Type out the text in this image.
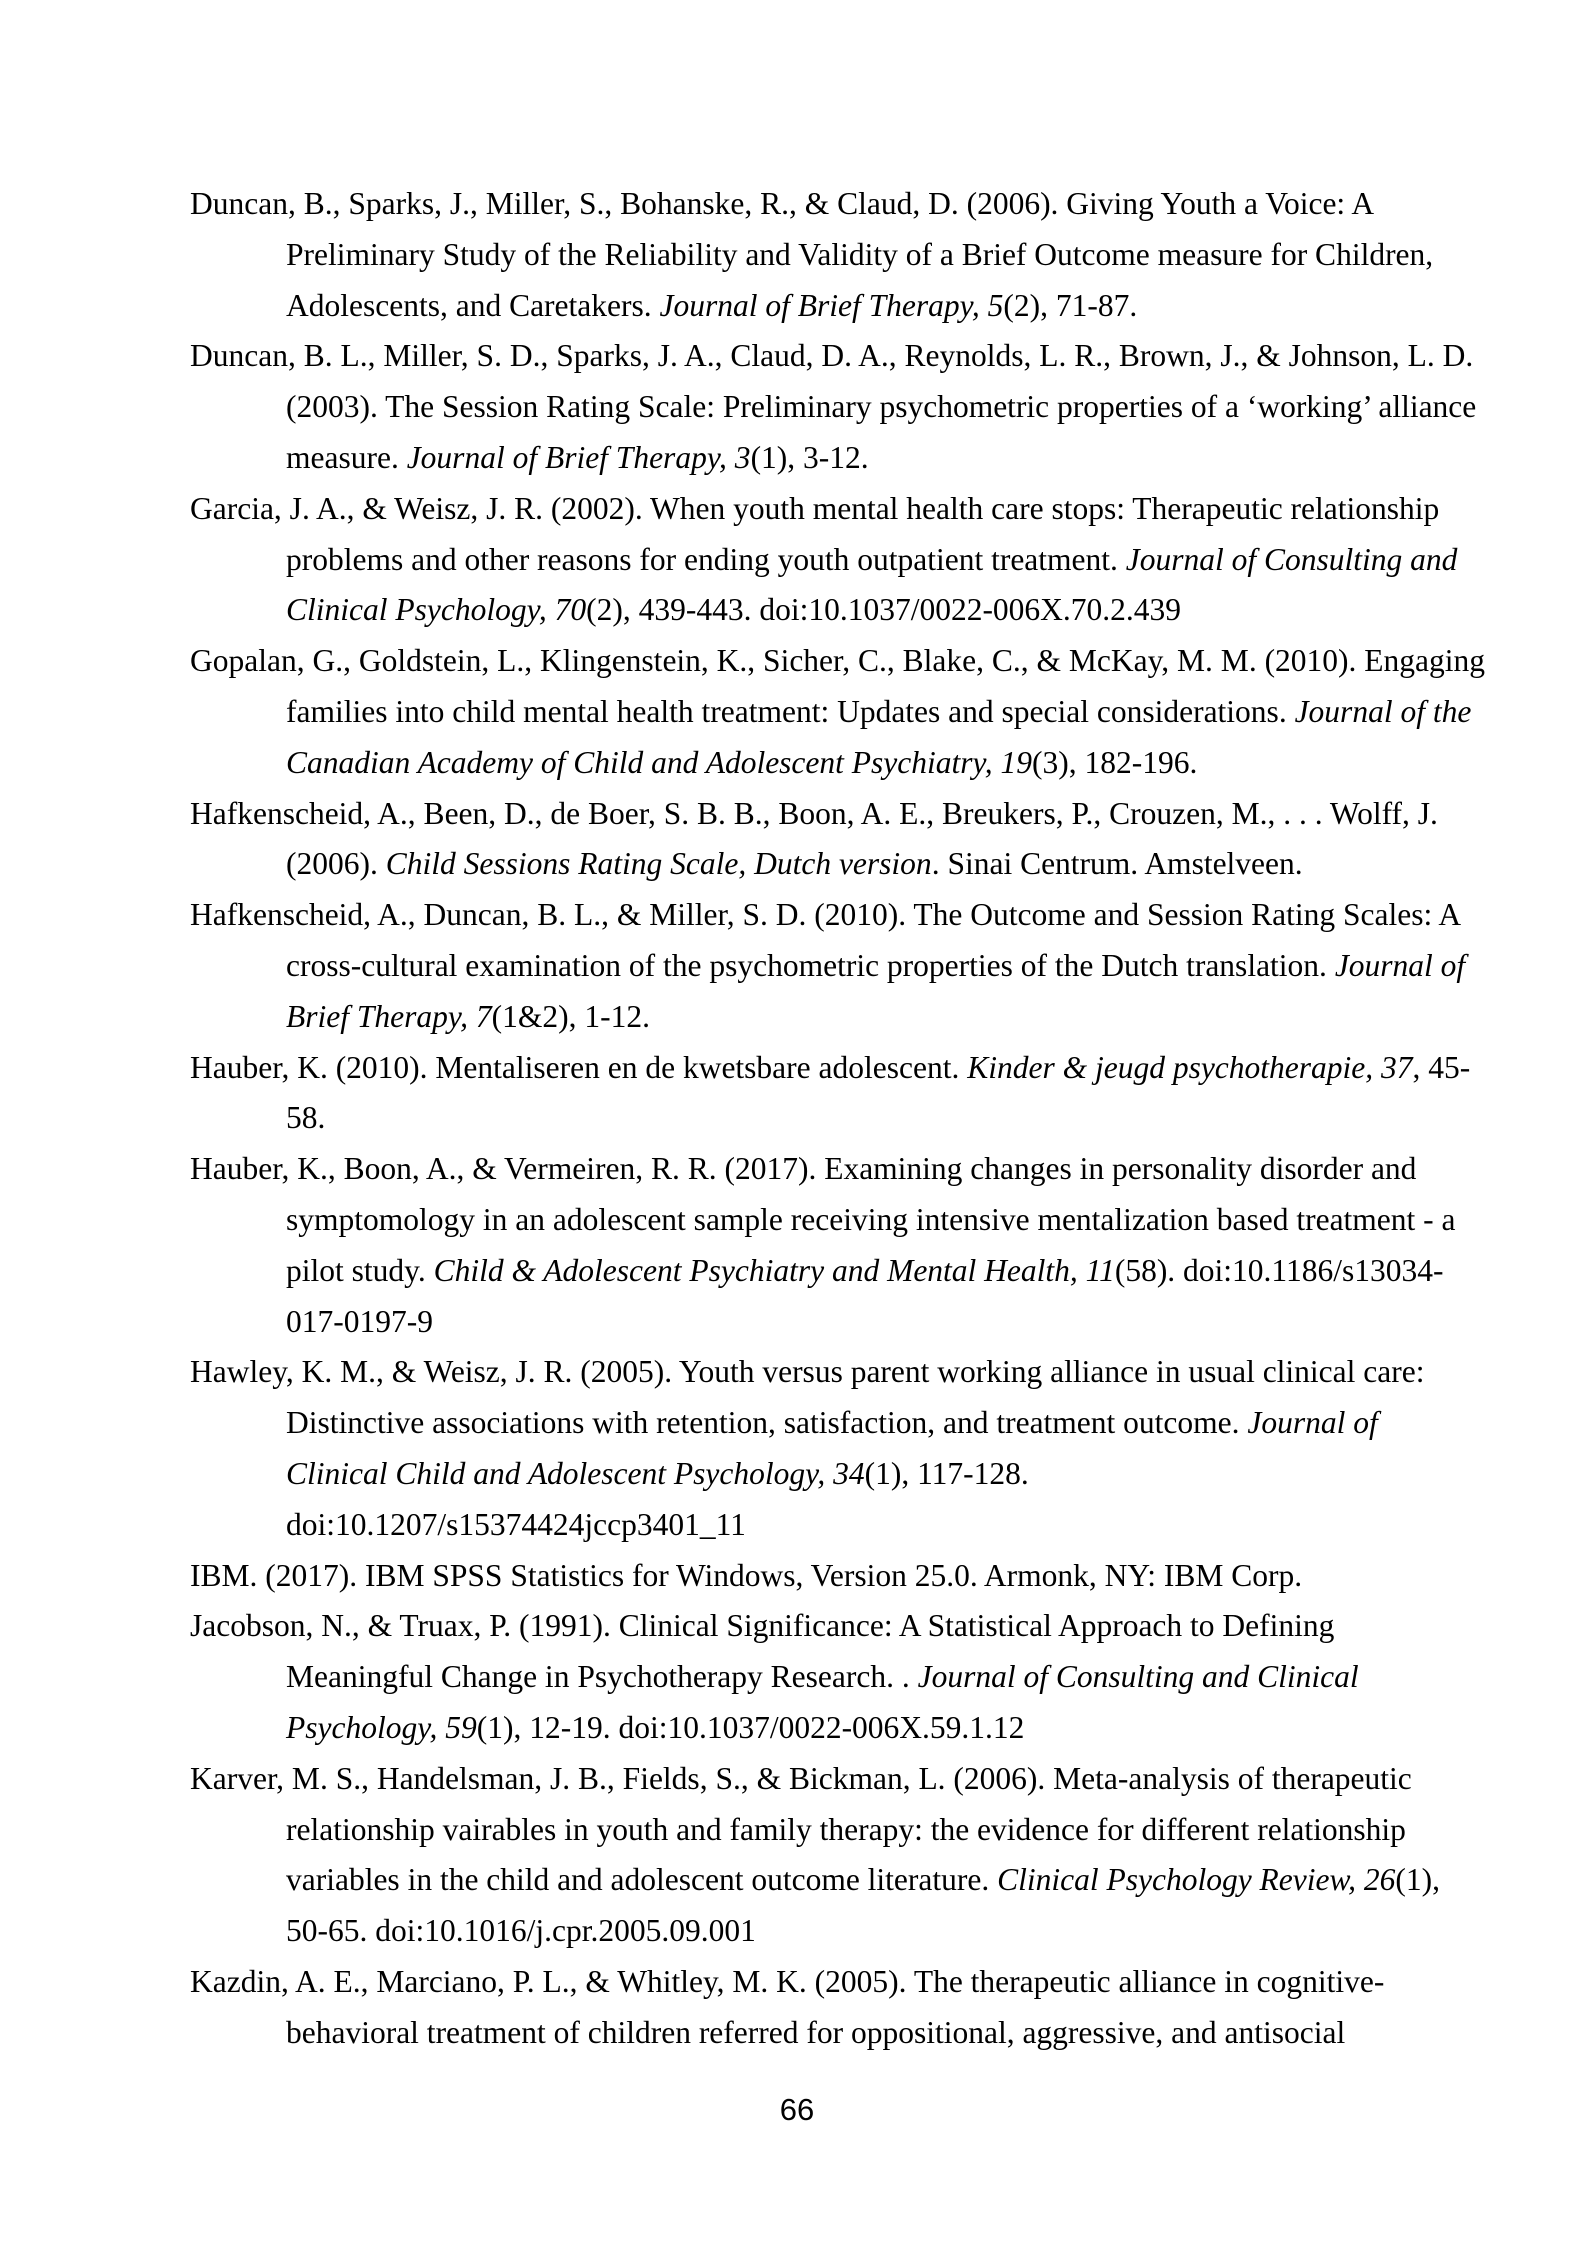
Duncan, B., Sparks, J., Miller, S., Bohanske, R., & Claud, D. (2006). Giving Youth a Voice: A
Preliminary Study of the Reliability and Validity of a Brief Outcome measure for Children,
Adolescents, and Caretakers. Journal of Brief Therapy, 5(2), 71-87.
Duncan, B. L., Miller, S. D., Sparks, J. A., Claud, D. A., Reynolds, L. R., Brown, J., & Johnson, L. D.
(2003). The Session Rating Scale: Preliminary psychometric properties of a ‘working’ alliance
measure. Journal of Brief Therapy, 3(1), 3-12.
Garcia, J. A., & Weisz, J. R. (2002). When youth mental health care stops: Therapeutic relationship
problems and other reasons for ending youth outpatient treatment. Journal of Consulting and
Clinical Psychology, 70(2), 439-443. doi:10.1037/0022-006X.70.2.439
Gopalan, G., Goldstein, L., Klingenstein, K., Sicher, C., Blake, C., & McKay, M. M. (2010). Engaging
families into child mental health treatment: Updates and special considerations. Journal of the
Canadian Academy of Child and Adolescent Psychiatry, 19(3), 182-196.
Hafkenscheid, A., Been, D., de Boer, S. B. B., Boon, A. E., Breukers, P., Crouzen, M., . . . Wolff, J.
(2006). Child Sessions Rating Scale, Dutch version. Sinai Centrum. Amstelveen.
Hafkenscheid, A., Duncan, B. L., & Miller, S. D. (2010). The Outcome and Session Rating Scales: A
cross-cultural examination of the psychometric properties of the Dutch translation. Journal of
Brief Therapy, 7(1&2), 1-12.
Hauber, K. (2010). Mentaliseren en de kwetsbare adolescent. Kinder & jeugd psychotherapie, 37, 45-
58.
Hauber, K., Boon, A., & Vermeiren, R. R. (2017). Examining changes in personality disorder and
symptomology in an adolescent sample receiving intensive mentalization based treatment - a
pilot study. Child & Adolescent Psychiatry and Mental Health, 11(58). doi:10.1186/s13034-
017-0197-9
Hawley, K. M., & Weisz, J. R. (2005). Youth versus parent working alliance in usual clinical care:
Distinctive associations with retention, satisfaction, and treatment outcome. Journal of
Clinical Child and Adolescent Psychology, 34(1), 117-128.
doi:10.1207/s15374424jccp3401_11
IBM. (2017). IBM SPSS Statistics for Windows, Version 25.0. Armonk, NY: IBM Corp.
Jacobson, N., & Truax, P. (1991). Clinical Significance: A Statistical Approach to Defining
Meaningful Change in Psychotherapy Research. . Journal of Consulting and Clinical
Psychology, 59(1), 12-19. doi:10.1037/0022-006X.59.1.12
Karver, M. S., Handelsman, J. B., Fields, S., & Bickman, L. (2006). Meta-analysis of therapeutic
relationship vairables in youth and family therapy: the evidence for different relationship
variables in the child and adolescent outcome literature. Clinical Psychology Review, 26(1),
50-65. doi:10.1016/j.cpr.2005.09.001
Kazdin, A. E., Marciano, P. L., & Whitley, M. K. (2005). The therapeutic alliance in cognitive-
behavioral treatment of children referred for oppositional, aggressive, and antisocial
66
